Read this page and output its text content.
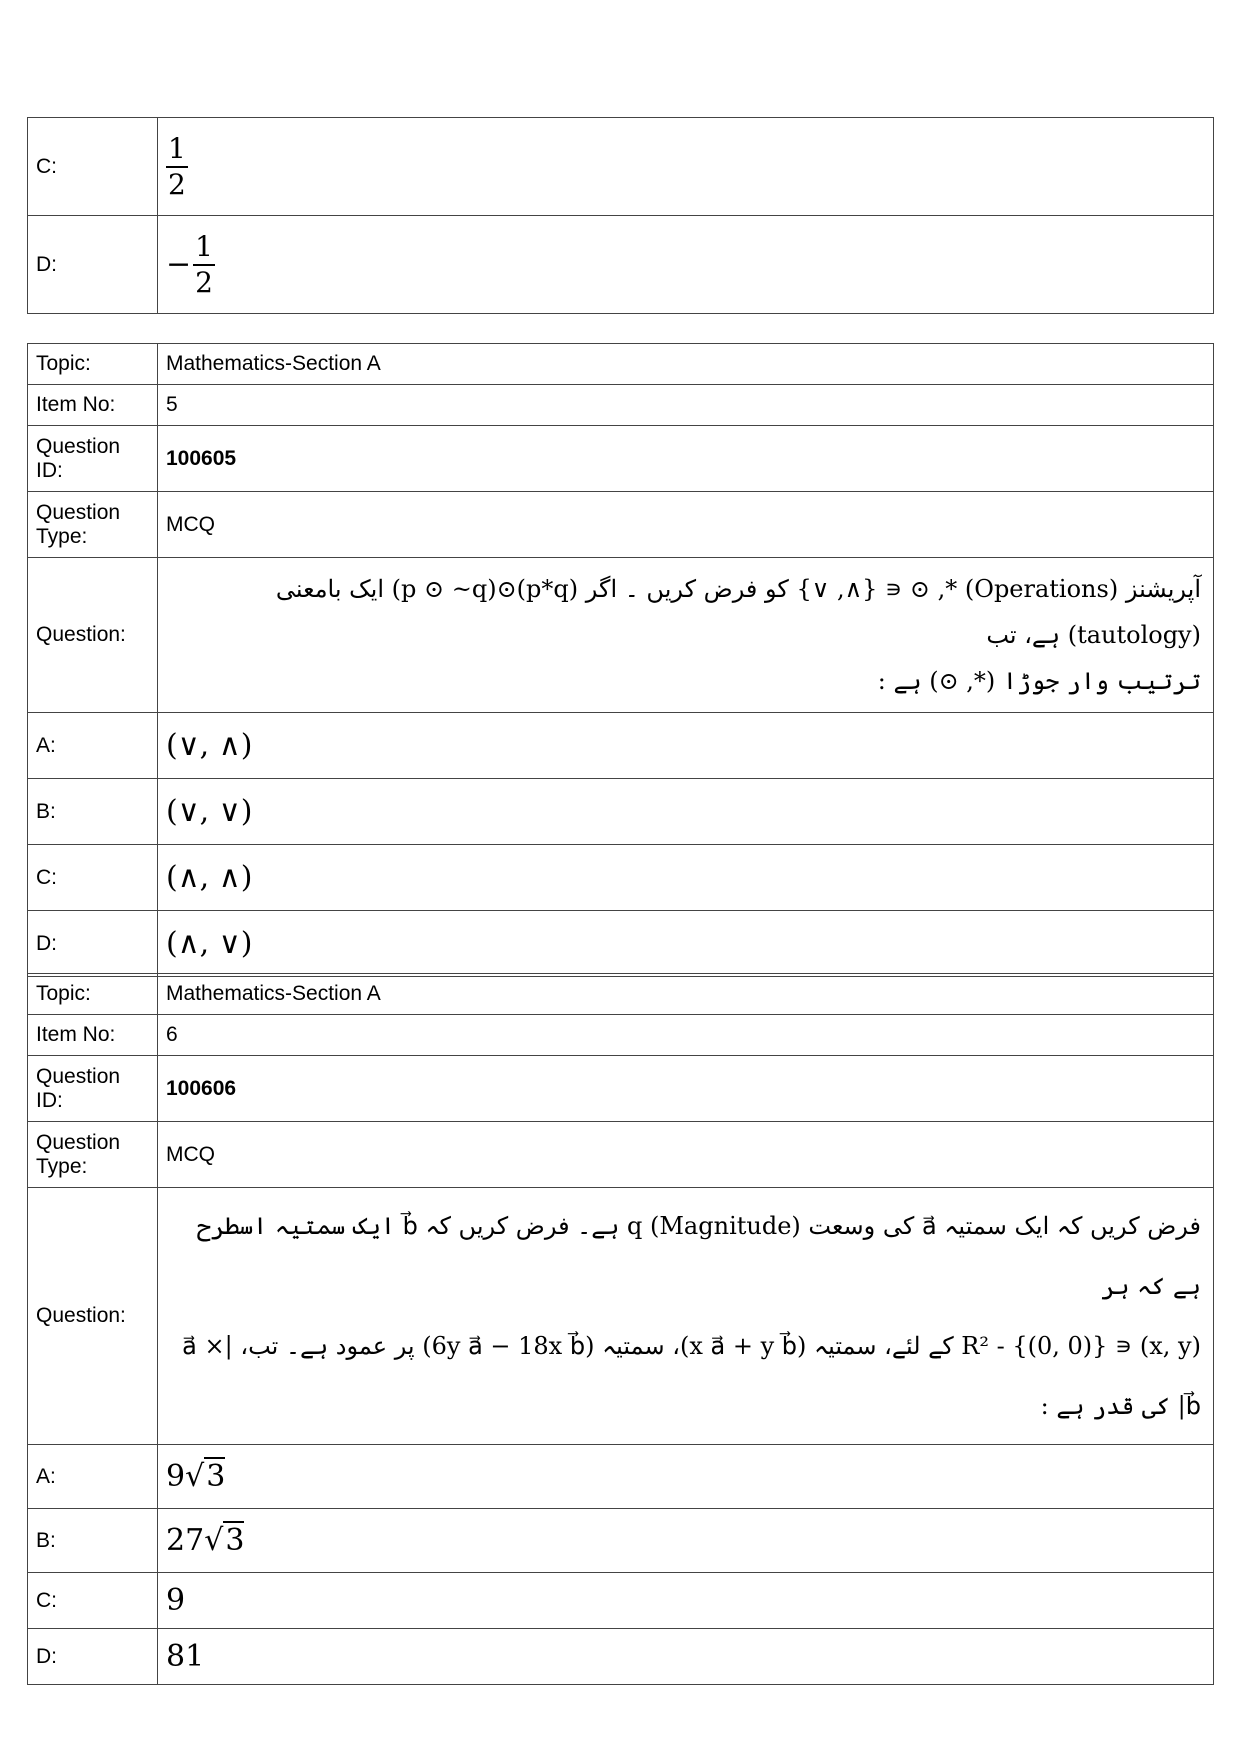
C:	$\frac{1}{2}$

D:	− $\frac{1}{2}$
Topic:	Mathematics-Section A
Item No:	5
Question ID:	100605
Question Type:	MCQ
Question:	آپریشنز (Operations) *, ⊙ ∊ {∧, ∨} کو فرض کریں ۔ اگر (p*q)⊙(p ⊙ ~q) ایک بامعنی (tautology) ہے، تب
ترتیب وار جوڑا (*, ⊙) ہے :

A:	(∨, ∧)
B:	(∨, ∨)
C:	(∧, ∧)
D:	(∧, ∨)
Topic:	Mathematics-Section A
Item No:	6
Question ID:	100606
Question Type:	MCQ
Question:	فرض کریں کہ ایک سمتیہ a⃗ کی وسعت (Magnitude) q ہے۔ فرض کریں کہ b⃗ ایک سمتیہ اسطرح ہے کہ ہر
(x, y) ∊ R² - {(0, 0)} کے لئے، سمتیہ (x a⃗ + y b⃗)، سمتیہ (6y a⃗ − 18x b⃗) پر عمود ہے۔ تب، |a⃗ × b⃗| کی قدر ہے :

A:	9√3
B:	27√3
C:	9
D:	81
